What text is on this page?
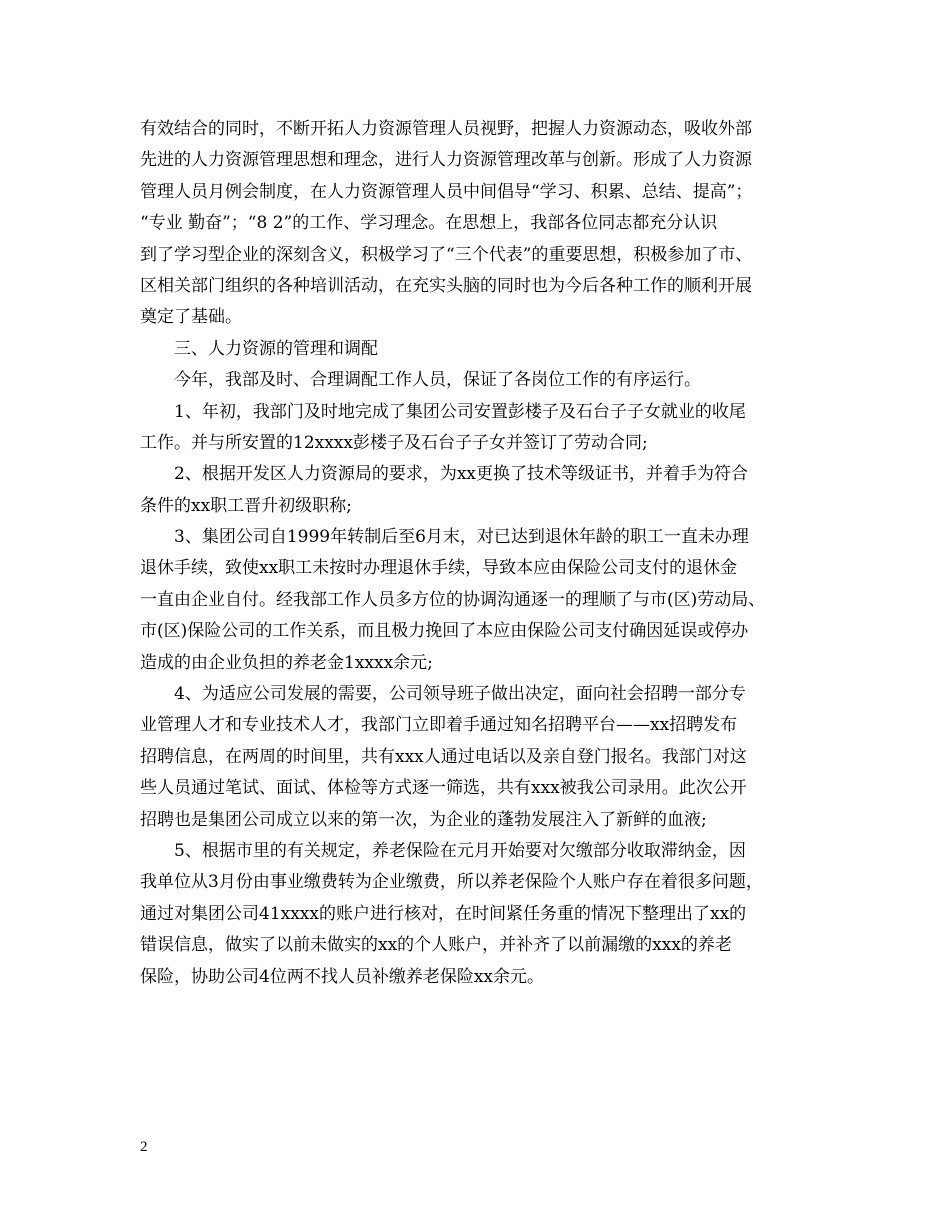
有效结合的同时，不断开拓人力资源管理人员视野，把握人力资源动态，吸收外部
先进的人力资源管理思想和理念，进行人力资源管理改革与创新。形成了人力资源
管理人员月例会制度，在人力资源管理人员中间倡导“学习、积累、总结、提高”；
“专业 勤奋”；“8 2”的工作、学习理念。在思想上，我部各位同志都充分认识
到了学习型企业的深刻含义，积极学习了“三个代表”的重要思想，积极参加了市、
区相关部门组织的各种培训活动，在充实头脑的同时也为今后各种工作的顺利开展
奠定了基础。
　　三、人力资源的管理和调配
　　今年，我部及时、合理调配工作人员，保证了各岗位工作的有序运行。
　　1、年初，我部门及时地完成了集团公司安置彭楼子及石台子子女就业的收尾
工作。并与所安置的12xxxx彭楼子及石台子子女并签订了劳动合同;
　　2、根据开发区人力资源局的要求，为xx更换了技术等级证书，并着手为符合
条件的xx职工晋升初级职称;
　　3、集团公司自1999年转制后至6月末，对已达到退休年龄的职工一直未办理
退休手续，致使xx职工未按时办理退休手续，导致本应由保险公司支付的退休金
一直由企业自付。经我部工作人员多方位的协调沟通逐一的理顺了与市(区)劳动局、
市(区)保险公司的工作关系，而且极力挽回了本应由保险公司支付确因延误或停办
造成的由企业负担的养老金1xxxx余元;
　　4、为适应公司发展的需要，公司领导班子做出决定，面向社会招聘一部分专
业管理人才和专业技术人才，我部门立即着手通过知名招聘平台——xx招聘发布
招聘信息，在两周的时间里，共有xxx人通过电话以及亲自登门报名。我部门对这
些人员通过笔试、面试、体检等方式逐一筛选，共有xxx被我公司录用。此次公开
招聘也是集团公司成立以来的第一次，为企业的蓬勃发展注入了新鲜的血液;
　　5、根据市里的有关规定，养老保险在元月开始要对欠缴部分收取滞纳金，因
我单位从3月份由事业缴费转为企业缴费，所以养老保险个人账户存在着很多问题，
通过对集团公司41xxxx的账户进行核对，在时间紧任务重的情况下整理出了xx的
错误信息，做实了以前未做实的xx的个人账户，并补齐了以前漏缴的xxx的养老
保险，协助公司4位两不找人员补缴养老保险xx余元。
2
